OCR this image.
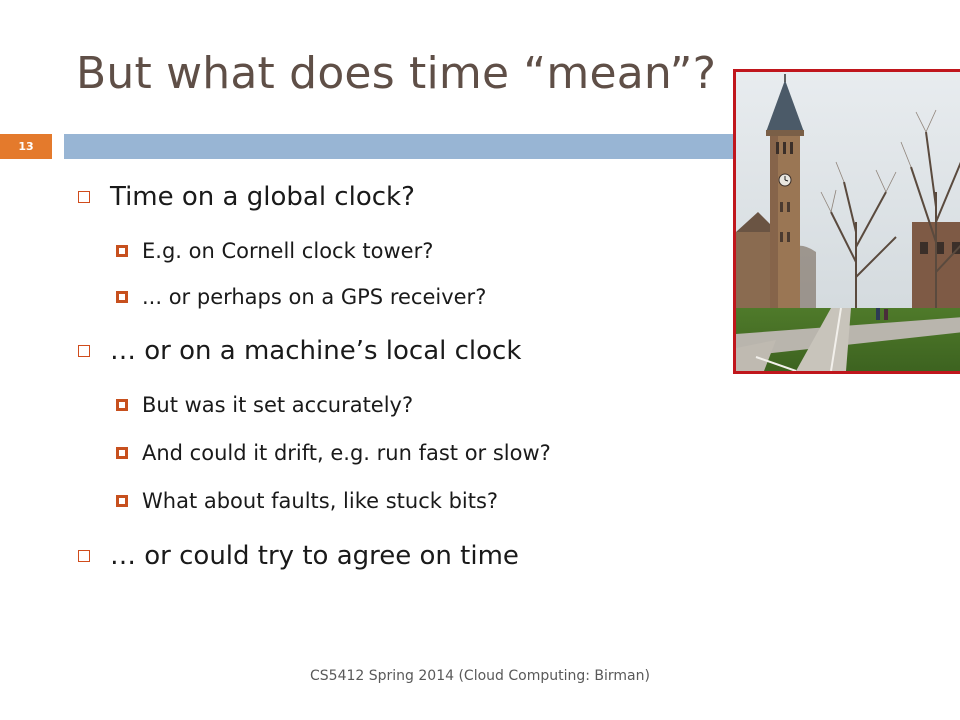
But what does time “mean”?
13
Time on a global clock?
E.g. on Cornell clock tower?
... or perhaps on a GPS receiver?
… or on a machine’s local clock
But was it set accurately?
And could it drift, e.g. run fast or slow?
What about faults, like stuck bits?
… or could try to agree on time
CS5412 Spring 2014 (Cloud Computing: Birman)
